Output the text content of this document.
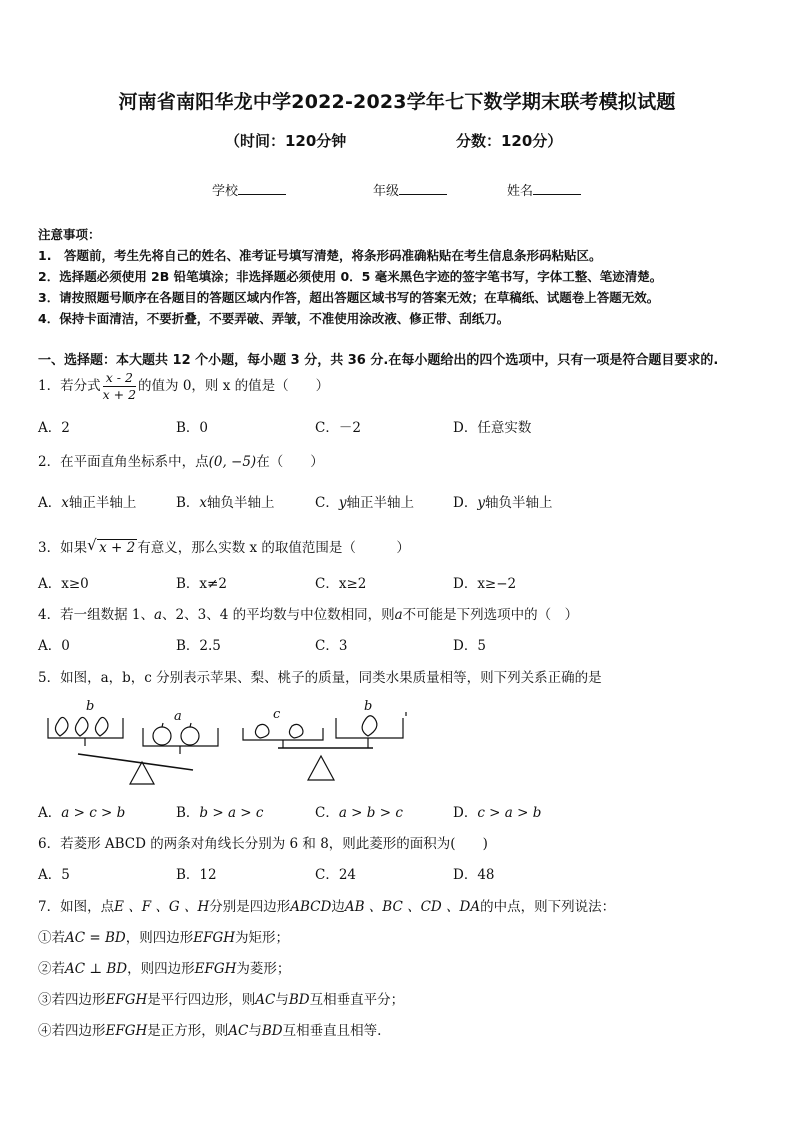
河南省南阳华龙中学2022-2023学年七下数学期末联考模拟试题
（时间：120分钟	分数：120分）
学校	年级	姓名
注意事项：
1.　答题前，考生先将自己的姓名、准考证号填写清楚，将条形码准确粘贴在考生信息条形码粘贴区。
2．选择题必须使用 2B 铅笔填涂；非选择题必须使用 0．5 毫米黑色字迹的签字笔书写，字体工整、笔迹清楚。
3．请按照题号顺序在各题目的答题区域内作答，超出答题区域书写的答案无效；在草稿纸、试题卷上答题无效。
4．保持卡面清洁，不要折叠，不要弄破、弄皱，不准使用涂改液、修正带、刮纸刀。
一、选择题：本大题共 12 个小题，每小题 3 分，共 36 分.在每小题给出的四个选项中，只有一项是符合题目要求的.
1．若分式 $\frac{x - 2}{x + 2}$ 的值为 0，则 x 的值是（　　）
A．2	B．0	C．－2	D．任意实数
2．在平面直角坐标系中，点(0, −5)在（　　）
A．x轴正半轴上	B．x轴负半轴上	C．y轴正半轴上	D．y轴负半轴上
3．如果 √ x + 2 有意义，那么实数 x 的取值范围是（　　　）
A．x≥0	B．x≠2	C．x≥2	D．x≥−2
4．若一组数据 1、a、2、3、4 的平均数与中位数相同，则a不可能是下列选项中的（　）
A．0	B．2.5	C．3	D．5
5．如图，a，b，c 分别表示苹果、梨、桃子的质量，同类水果质量相等，则下列关系正确的是
b
a	c
b
A．a > c > b	B．b > a > c	C．a > b > c	D．c > a > b
6．若菱形 ABCD 的两条对角线长分别为 6 和 8，则此菱形的面积为(　　)
A．5	B．12	C．24	D．48
7．如图，点E 、F 、G 、H分别是四边形ABCD边AB 、BC 、CD 、DA的中点，则下列说法：
①若AC = BD，则四边形EFGH为矩形；
②若AC ⊥ BD，则四边形EFGH为菱形；
③若四边形EFGH是平行四边形，则AC与BD互相垂直平分；
④若四边形EFGH是正方形，则AC与BD互相垂直且相等.
